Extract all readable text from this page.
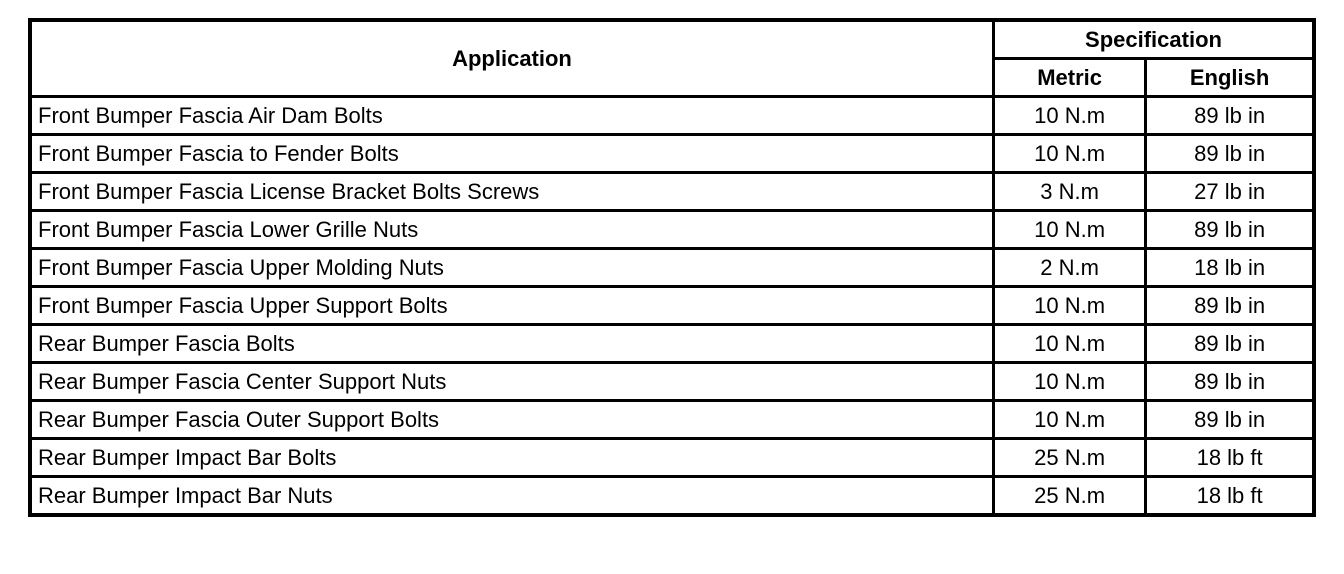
Application	Specification	
	Metric	English
Front Bumper Fascia Air Dam Bolts	10 N.m	89 lb in
Front Bumper Fascia to Fender Bolts	10 N.m	89 lb in
Front Bumper Fascia License Bracket Bolts Screws	3 N.m	27 lb in
Front Bumper Fascia Lower Grille Nuts	10 N.m	89 lb in
Front Bumper Fascia Upper Molding Nuts	2 N.m	18 lb in
Front Bumper Fascia Upper Support Bolts	10 N.m	89 lb in
Rear Bumper Fascia Bolts	10 N.m	89 lb in
Rear Bumper Fascia Center Support Nuts	10 N.m	89 lb in
Rear Bumper Fascia Outer Support Bolts	10 N.m	89 lb in
Rear Bumper Impact Bar Bolts	25 N.m	18 lb ft
Rear Bumper Impact Bar Nuts	25 N.m	18 lb ft
